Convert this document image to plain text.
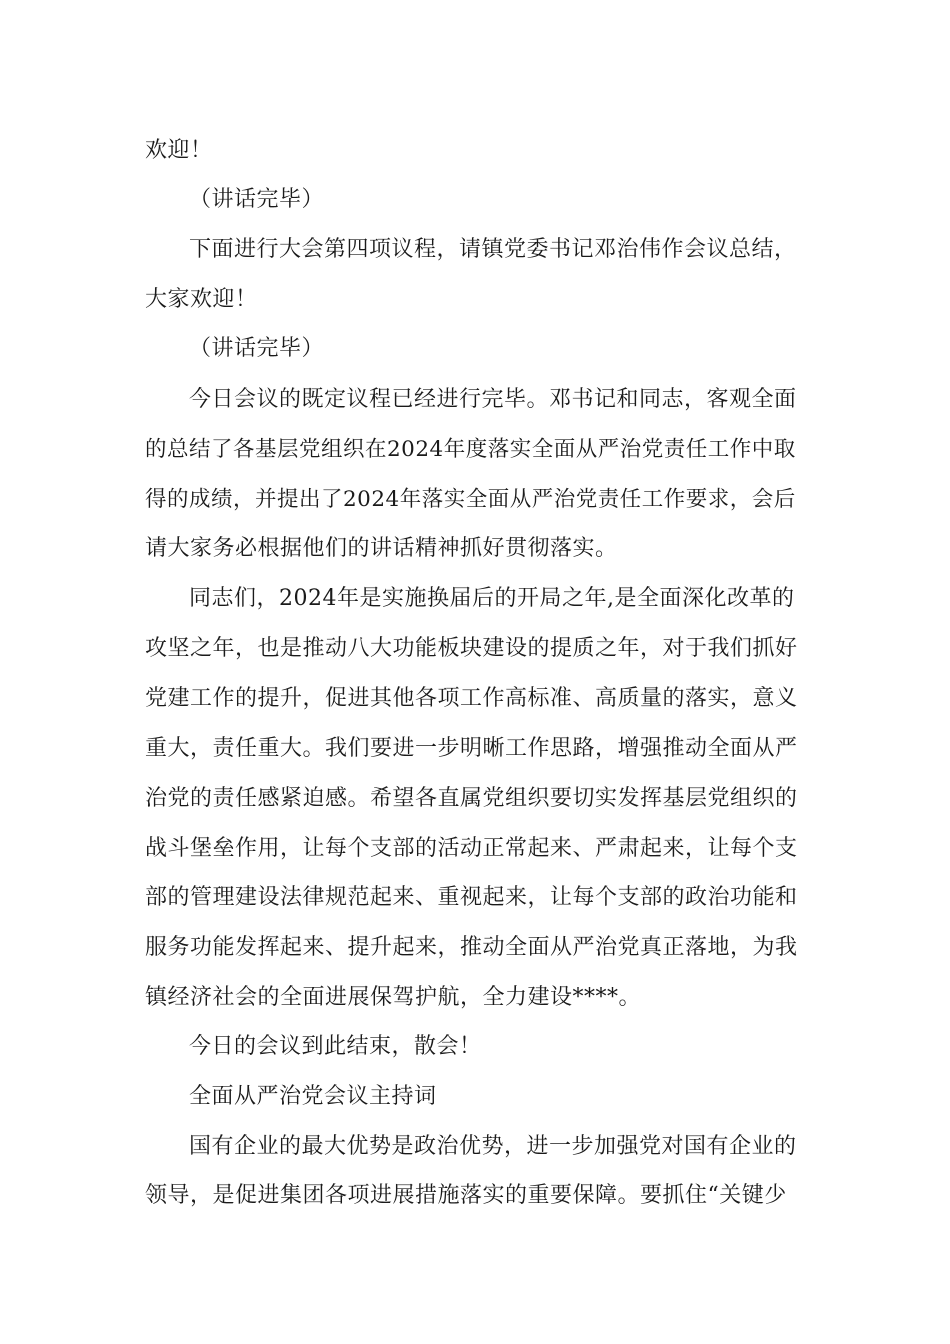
欢迎！
（讲话完毕）
下面进行大会第四项议程，请镇党委书记邓治伟作会议总结，
大家欢迎！
（讲话完毕）
今日会议的既定议程已经进行完毕。邓书记和同志，客观全面
的总结了各基层党组织在2024年度落实全面从严治党责任工作中取
得的成绩，并提出了2024年落实全面从严治党责任工作要求，会后
请大家务必根据他们的讲话精神抓好贯彻落实。
同志们，2024年是实施换届后的开局之年,是全面深化改革的
攻坚之年，也是推动八大功能板块建设的提质之年，对于我们抓好
党建工作的提升，促进其他各项工作高标准、高质量的落实，意义
重大，责任重大。我们要进一步明晰工作思路，增强推动全面从严
治党的责任感紧迫感。希望各直属党组织要切实发挥基层党组织的
战斗堡垒作用，让每个支部的活动正常起来、严肃起来，让每个支
部的管理建设法律规范起来、重视起来，让每个支部的政治功能和
服务功能发挥起来、提升起来，推动全面从严治党真正落地，为我
镇经济社会的全面进展保驾护航，全力建设****。
今日的会议到此结束，散会！
全面从严治党会议主持词
国有企业的最大优势是政治优势，进一步加强党对国有企业的
领导，是促进集团各项进展措施落实的重要保障。要抓住“关键少
